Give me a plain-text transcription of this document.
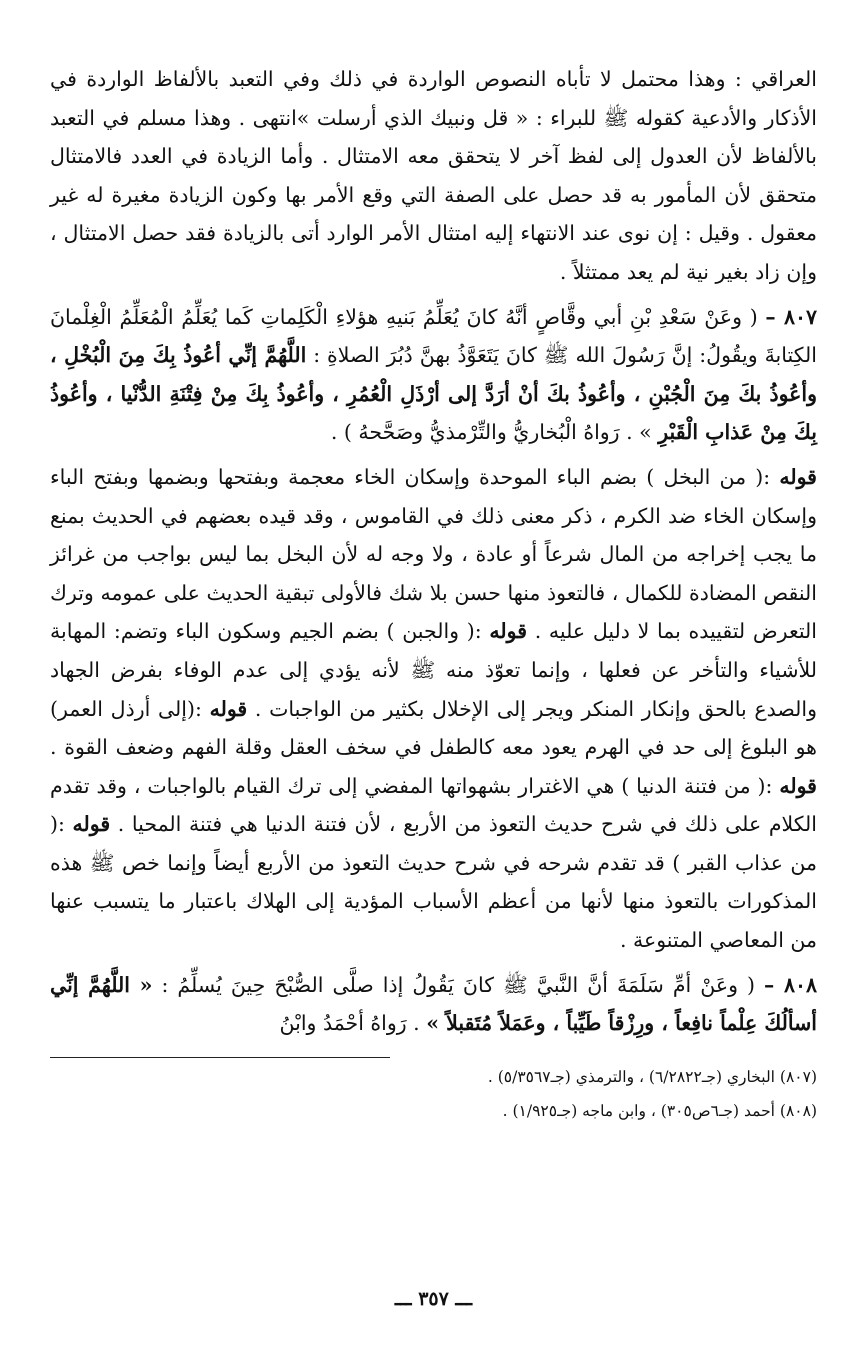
العراقي : وهذا محتمل لا تأباه النصوص الواردة في ذلك وفي التعبد بالألفاظ الواردة في الأذكار والأدعية كقوله ﷺ للبراء : « قل ونبيك الذي أرسلت »انتهى . وهذا مسلم في التعبد بالألفاظ لأن العدول إلى لفظ آخر لا يتحقق معه الامتثال . وأما الزيادة في العدد فالامتثال متحقق لأن المأمور به قد حصل على الصفة التي وقع الأمر بها وكون الزيادة مغيرة له غير معقول . وقيل : إن نوى عند الانتهاء إليه امتثال الأمر الوارد أتى بالزيادة فقد حصل الامتثال ، وإن زاد بغير نية لم يعد ممتثلاً .

٨٠٧ – ( وعَنْ سَعْدِ بْنِ أبي وقَّاصٍ أنَّهُ كانَ يُعَلِّمُ بَنيهِ هؤلاءِ الْكَلِماتِ كَما يُعَلِّمُ الْمُعَلِّمُ الْغِلْمانَ الكِتابةَ ويقُولُ: إنَّ رَسُولَ الله ﷺ كانَ يَتَعَوَّذُ بهنَّ دُبُرَ الصلاةِ : اللَّهُمَّ إنِّي أعُوذُ بِكَ مِنَ الْبُخْلِ ، وأعُوذُ بكَ مِنَ الْجُبْنِ ، وأعُوذُ بكَ أنْ أرَدَّ إلى أرْذَلِ الْعُمُرِ ، وأعُوذُ بِكَ مِنْ فِتْنَةِ الدُّنْيا ، وأعُوذُ بِكَ مِنْ عَذابِ الْقَبْرِ » . رَواهُ الْبُخاريُّ والتِّرْمذيُّ وصَحَّحهُ ) .

قوله :( من البخل ) بضم الباء الموحدة وإسكان الخاء معجمة وبفتحها وبضمها وبفتح الباء وإسكان الخاء ضد الكرم ، ذكر معنى ذلك في القاموس ، وقد قيده بعضهم في الحديث بمنع ما يجب إخراجه من المال شرعاً أو عادة ، ولا وجه له لأن البخل بما ليس بواجب من غرائز النقص المضادة للكمال ، فالتعوذ منها حسن بلا شك فالأولى تبقية الحديث على عمومه وترك التعرض لتقييده بما لا دليل عليه . قوله :( والجبن ) بضم الجيم وسكون الباء وتضم: المهابة للأشياء والتأخر عن فعلها ، وإنما تعوّذ منه ﷺ لأنه يؤدي إلى عدم الوفاء بفرض الجهاد والصدع بالحق وإنكار المنكر ويجر إلى الإخلال بكثير من الواجبات . قوله :(إلى أرذل العمر) هو البلوغ إلى حد في الهرم يعود معه كالطفل في سخف العقل وقلة الفهم وضعف القوة . قوله :( من فتنة الدنيا ) هي الاغترار بشهواتها المفضي إلى ترك القيام بالواجبات ، وقد تقدم الكلام على ذلك في شرح حديث التعوذ من الأربع ، لأن فتنة الدنيا هي فتنة المحيا . قوله :( من عذاب القبر ) قد تقدم شرحه في شرح حديث التعوذ من الأربع أيضاً وإنما خص ﷺ هذه المذكورات بالتعوذ منها لأنها من أعظم الأسباب المؤدية إلى الهلاك باعتبار ما يتسبب عنها من المعاصي المتنوعة .

٨٠٨ – ( وعَنْ أمِّ سَلَمَةَ أنَّ النَّبيَّ ﷺ كانَ يَقُولُ إذا صلَّى الصُّبْحَ حِينَ يُسلِّمُ : « اللَّهُمَّ إنِّي أسألُكَ عِلْماً نافِعاً ، ورِزْقاً طَيِّباً ، وعَمَلاً مُتَقبلاً » . رَواهُ أحْمَدُ وابْنُ

(٨٠٧) البخاري (جـ٦/٢٨٢٢) ، والترمذي (جـ٥/٣٥٦٧) .

(٨٠٨) أحمد (جـ٦ص٣٠٥) ، وابن ماجه (جـ١/٩٢٥) .

ـــ ٣٥٧ ـــ
